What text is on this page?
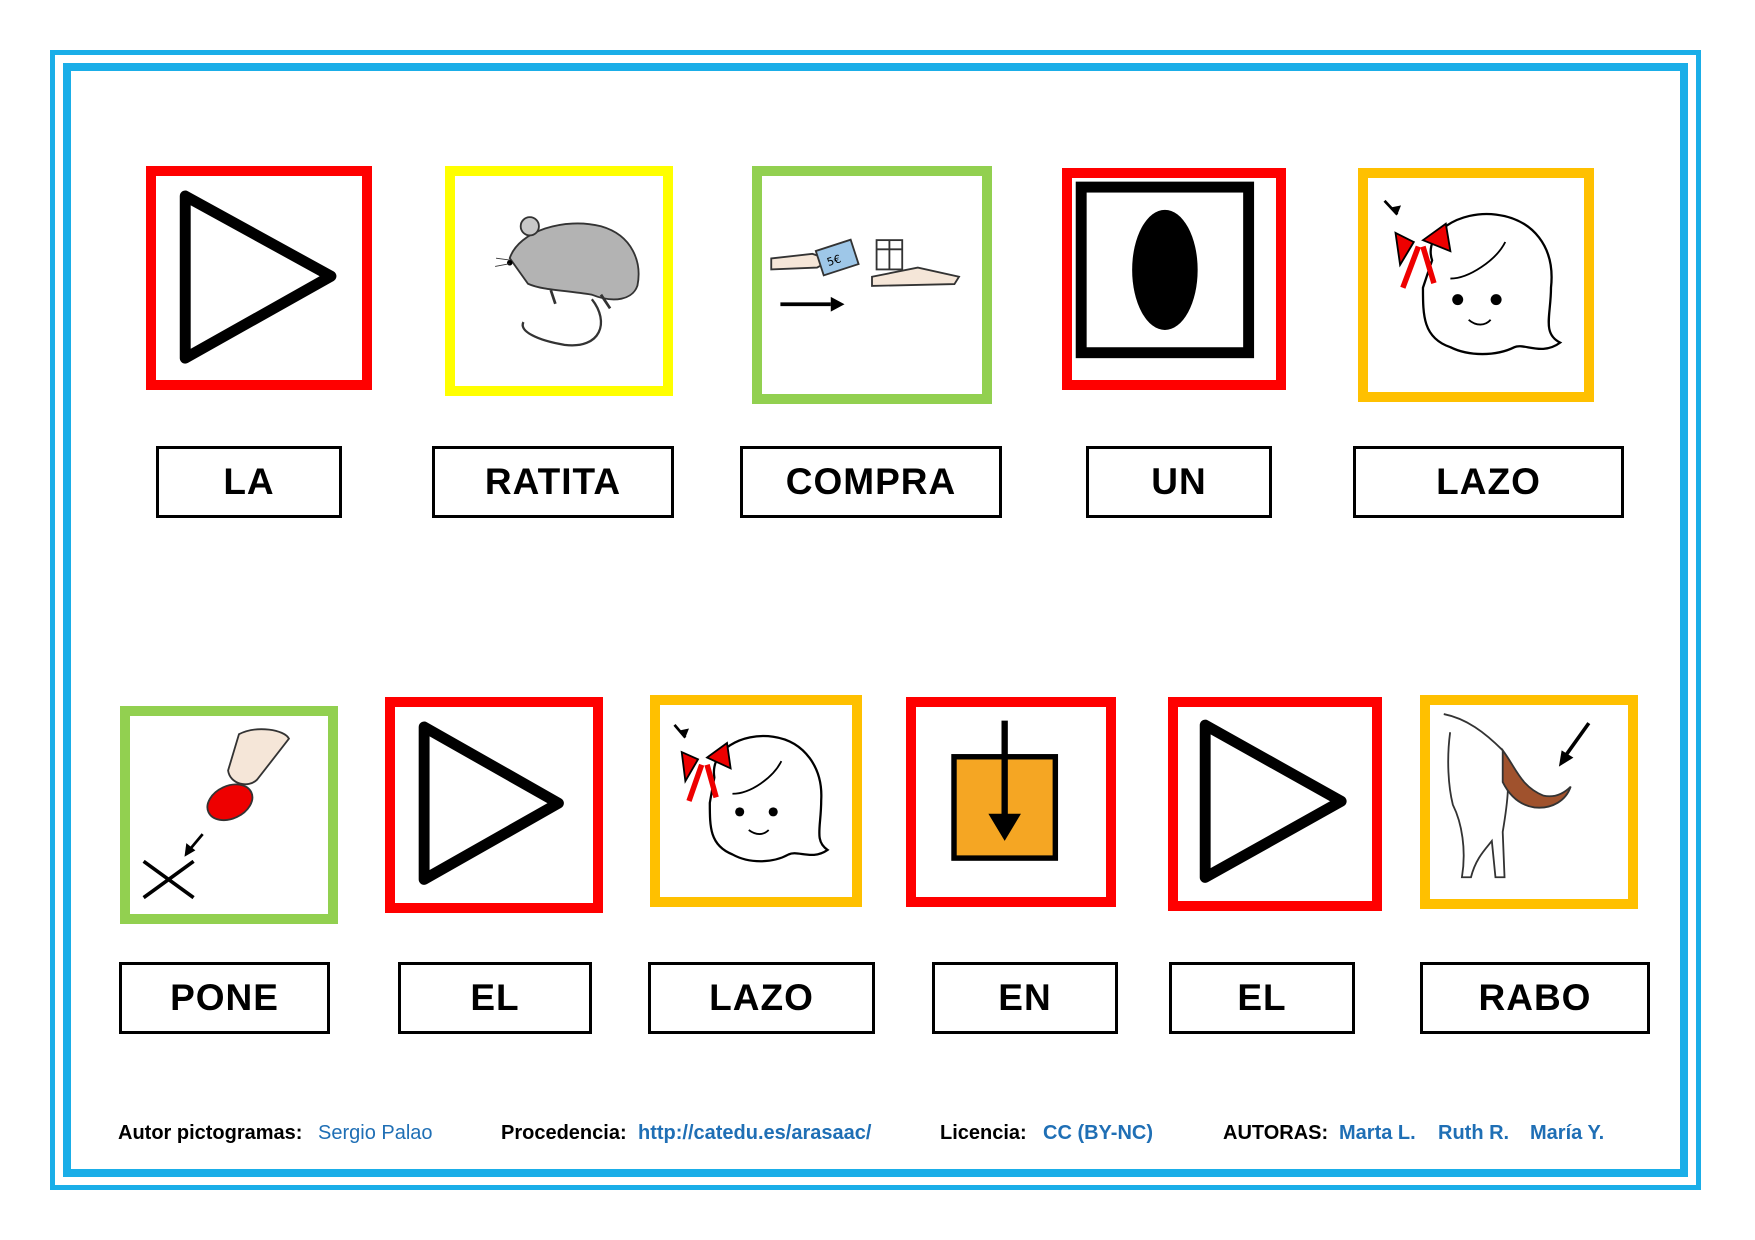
5€
LA	RATITA	COMPRA	UN	LAZO
PONE	EL	LAZO	EN	EL	RABO
Autor pictogramas: Sergio Palao	Procedencia: http://catedu.es/arasaac/	Licencia: CC (BY-NC)	AUTORAS: Marta L. Ruth R. María Y.
